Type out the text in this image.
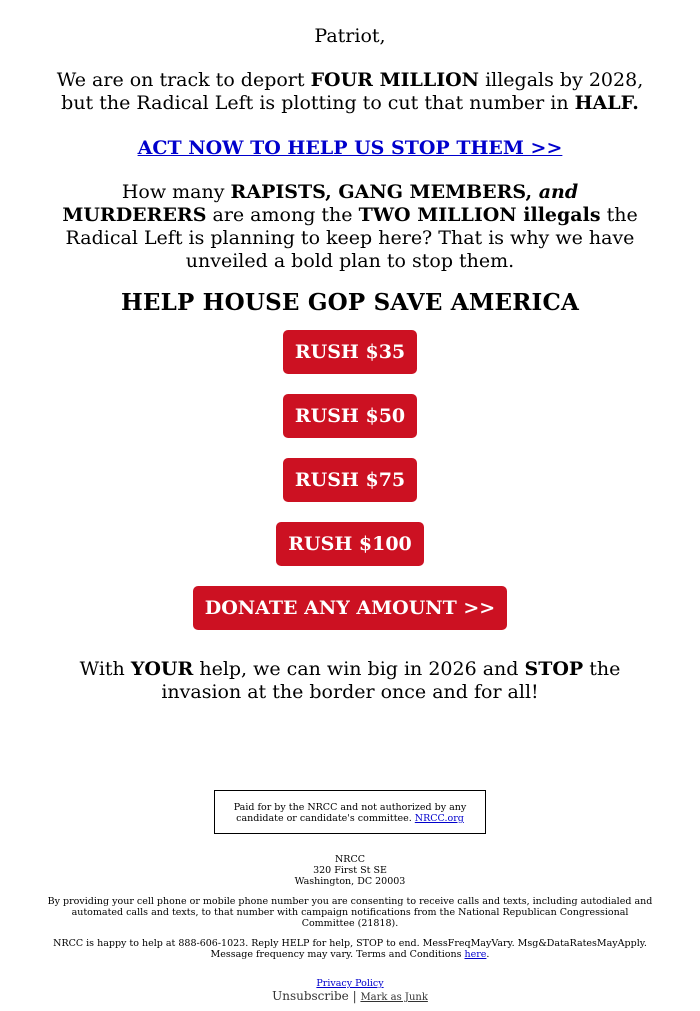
Patriot,

We are on track to deport FOUR MILLION illegals by 2028, but the Radical Left is plotting to cut that number in HALF.

ACT NOW TO HELP US STOP THEM >>

How many RAPISTS, GANG MEMBERS, and MURDERERS are among the TWO MILLION illegals the Radical Left is planning to keep here? That is why we have unveiled a bold plan to stop them.

HELP HOUSE GOP SAVE AMERICA
RUSH $35
RUSH $50
RUSH $75
RUSH $100
DONATE ANY AMOUNT >>

With YOUR help, we can win big in 2026 and STOP the invasion at the border once and for all!

Paid for by the NRCC and not authorized by any candidate or candidate's committee. NRCC.org
NRCC
320 First St SE
Washington, DC 20003
By providing your cell phone or mobile phone number you are consenting to receive calls and texts, including autodialed and automated calls and texts, to that number with campaign notifications from the National Republican Congressional Committee (21818).
NRCC is happy to help at 888-606-1023. Reply HELP for help, STOP to end. MessFreqMayVary. Msg&DataRatesMayApply. Message frequency may vary. Terms and Conditions here.
Privacy Policy
Unsubscribe | Mark as Junk
